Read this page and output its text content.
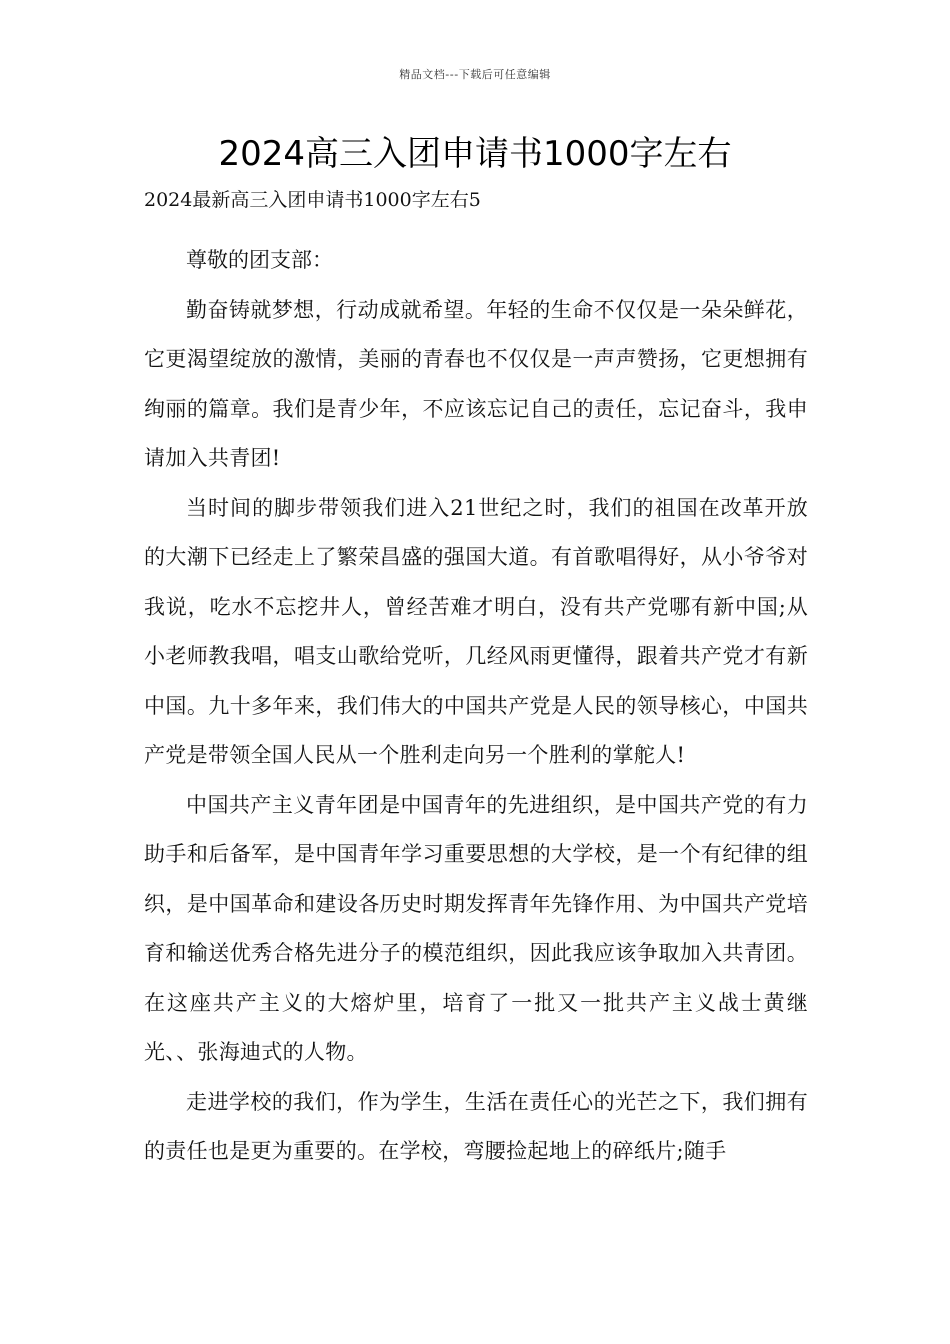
精品文档---下载后可任意编辑
2024高三入团申请书1000字左右

2024最新高三入团申请书1000字左右5

尊敬的团支部：

勤奋铸就梦想，行动成就希望。年轻的生命不仅仅是一朵朵鲜花，它更渴望绽放的激情，美丽的青春也不仅仅是一声声赞扬，它更想拥有绚丽的篇章。我们是青少年，不应该忘记自己的责任，忘记奋斗，我申请加入共青团!

当时间的脚步带领我们进入21世纪之时，我们的祖国在改革开放的大潮下已经走上了繁荣昌盛的强国大道。有首歌唱得好，从小爷爷对我说，吃水不忘挖井人，曾经苦难才明白，没有共产党哪有新中国;从小老师教我唱，唱支山歌给党听，几经风雨更懂得，跟着共产党才有新中国。九十多年来，我们伟大的中国共产党是人民的领导核心，中国共产党是带领全国人民从一个胜利走向另一个胜利的掌舵人!

中国共产主义青年团是中国青年的先进组织，是中国共产党的有力助手和后备军，是中国青年学习重要思想的大学校，是一个有纪律的组织，是中国革命和建设各历史时期发挥青年先锋作用、为中国共产党培育和输送优秀合格先进分子的模范组织，因此我应该争取加入共青团。在这座共产主义的大熔炉里，培育了一批又一批共产主义战士黄继光、、张海迪式的人物。

走进学校的我们，作为学生，生活在责任心的光芒之下，我们拥有的责任也是更为重要的。在学校，弯腰捡起地上的碎纸片;随手
